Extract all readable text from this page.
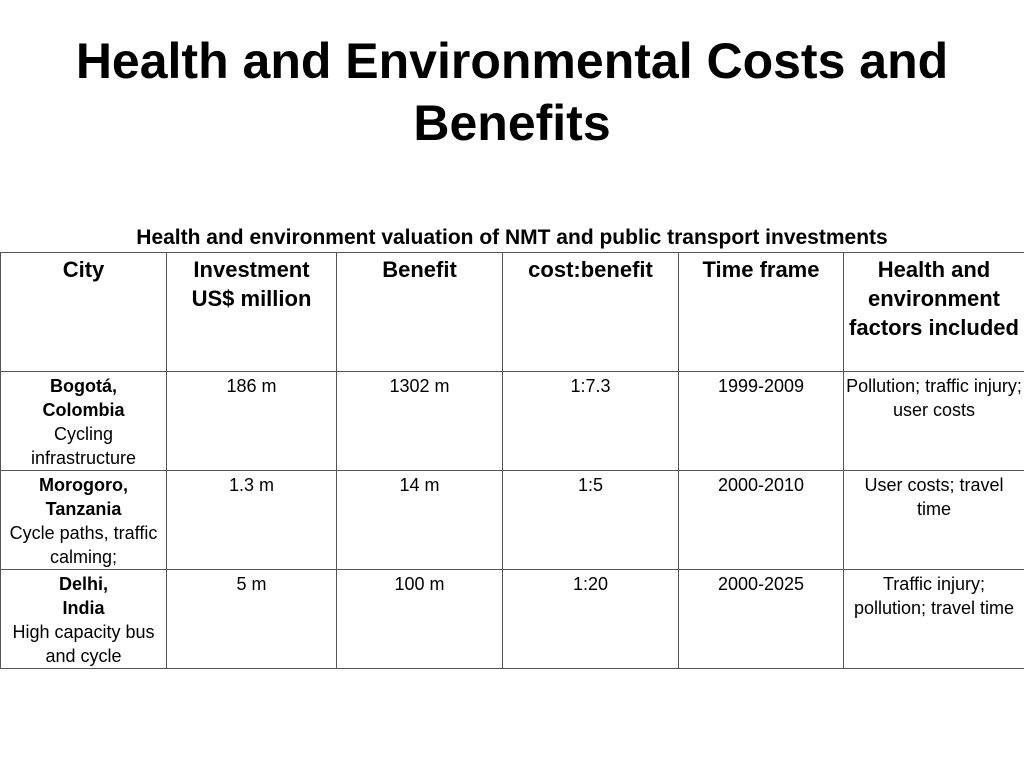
Health and Environmental Costs and Benefits
Health and environment valuation of NMT and public transport investments
City	Investment US$ million	Benefit	cost:benefit	Time frame	Health and environment factors included

Bogotá,
Colombia
Cycling infrastructure	186 m	1302 m	1:7.3	1999-2009	Pollution; traffic injury; user costs

Morogoro,
Tanzania
Cycle paths, traffic calming;	1.3 m	14 m	1:5	2000-2010	User costs; travel time

Delhi,
India
High capacity bus and cycle	5 m	100 m	1:20	2000-2025	Traffic injury; pollution; travel time
